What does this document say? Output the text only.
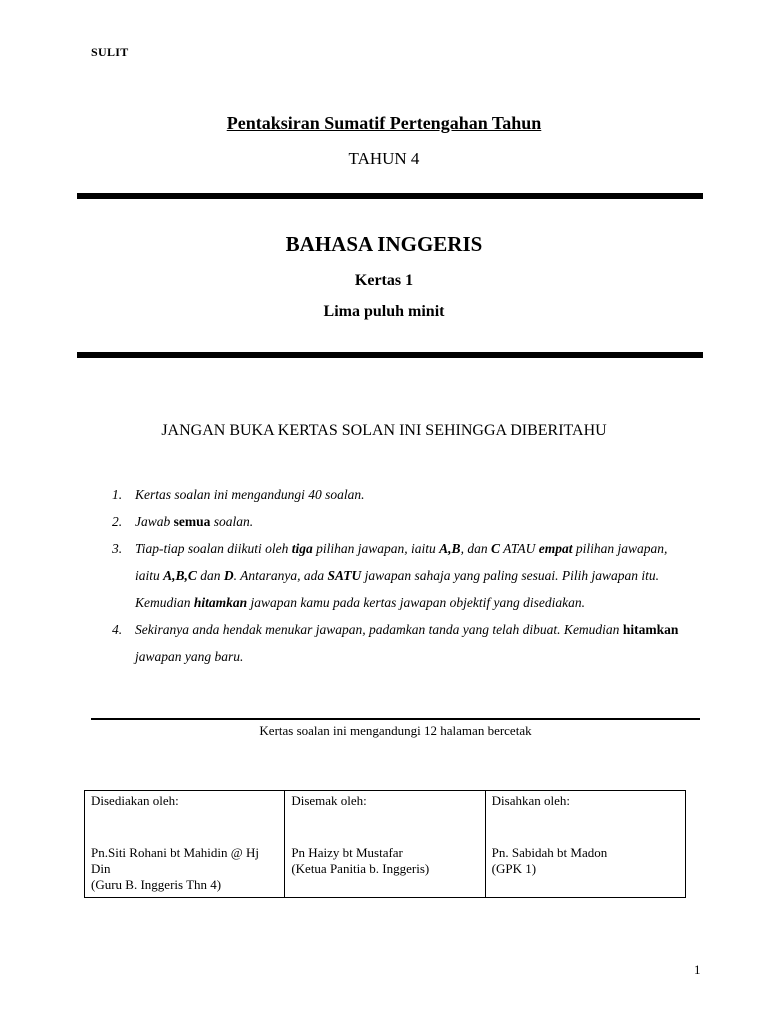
SULIT
Pentaksiran Sumatif Pertengahan Tahun
TAHUN 4
BAHASA INGGERIS
Kertas 1
Lima puluh minit
JANGAN BUKA KERTAS SOLAN INI SEHINGGA DIBERITAHU
1. Kertas soalan ini mengandungi 40 soalan.
2. Jawab semua soalan.
3. Tiap-tiap soalan diikuti oleh tiga pilihan jawapan, iaitu A,B, dan C ATAU empat pilihan jawapan, iaitu A,B,C dan D. Antaranya, ada SATU jawapan sahaja yang paling sesuai. Pilih jawapan itu. Kemudian hitamkan jawapan kamu pada kertas jawapan objektif yang disediakan.
4. Sekiranya anda hendak menukar jawapan, padamkan tanda yang telah dibuat. Kemudian hitamkan jawapan yang baru.
Kertas soalan ini mengandungi 12 halaman bercetak
Disediakan oleh:
Pn.Siti Rohani bt Mahidin @ Hj Din
(Guru B. Inggeris Thn 4)

Disemak oleh:
Pn Haizy bt Mustafar
(Ketua Panitia b. Inggeris)

Disahkan oleh:
Pn. Sabidah bt Madon
(GPK 1)
1
